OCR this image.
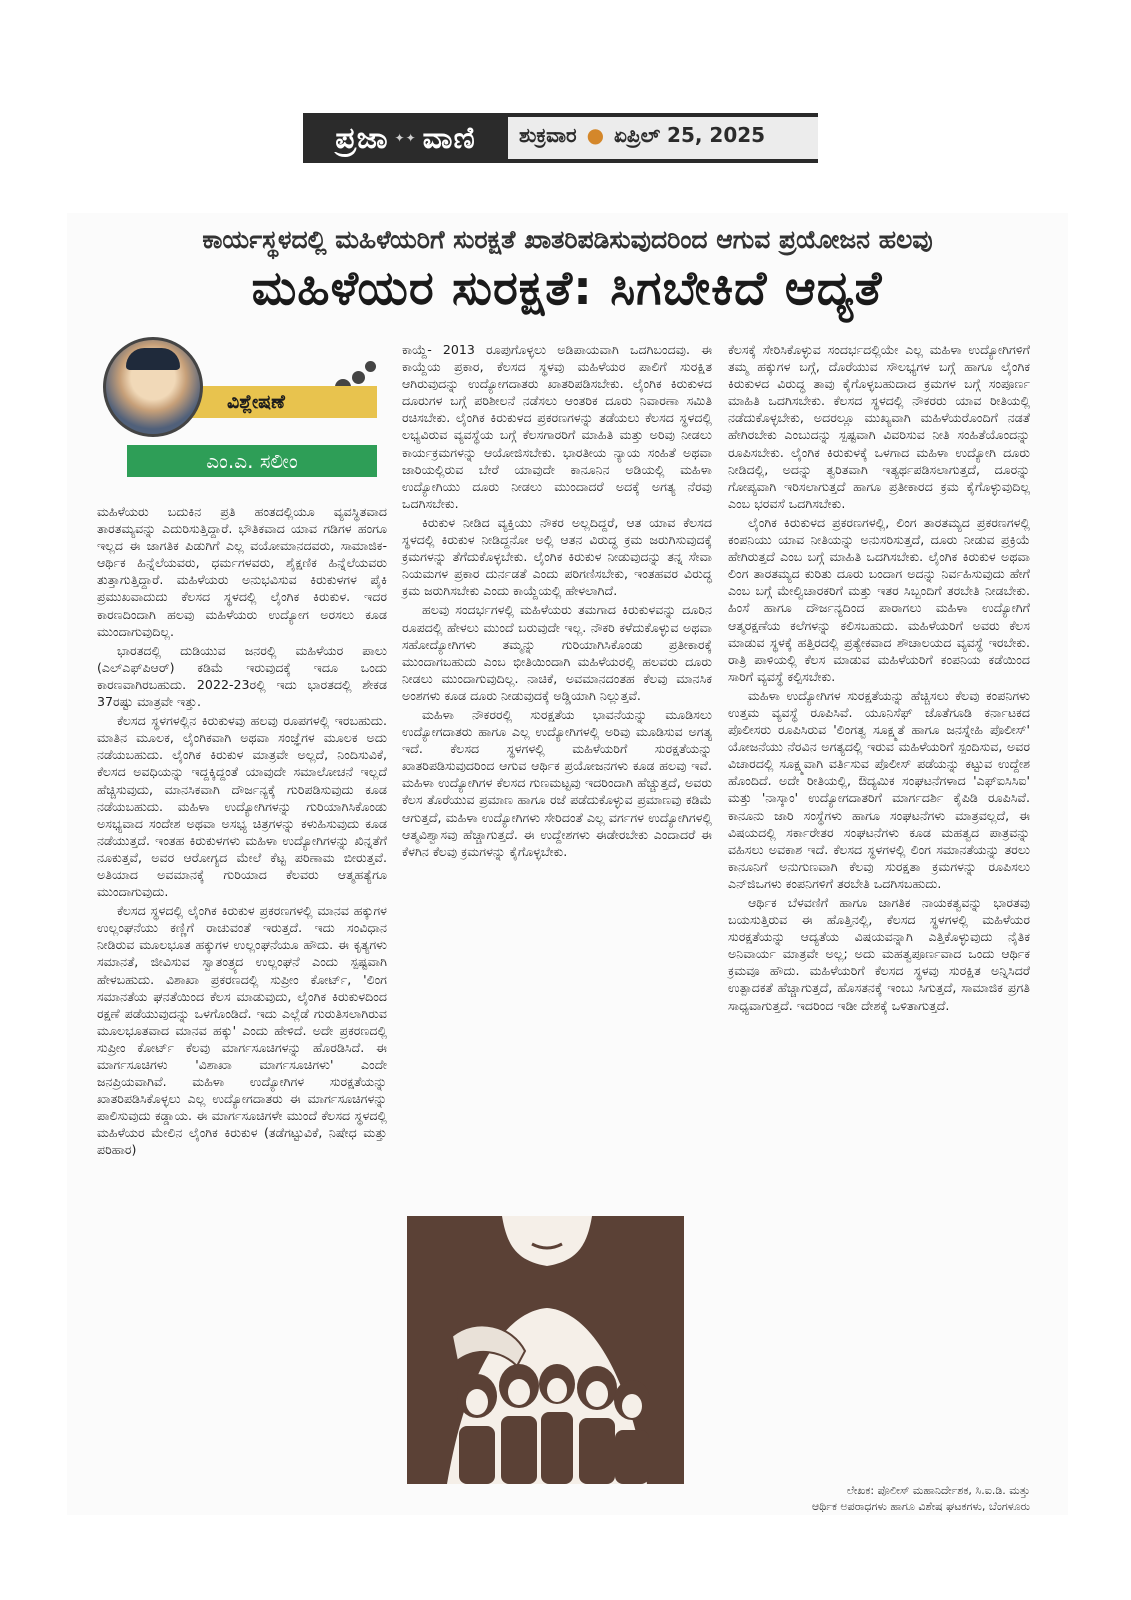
ಪ್ರಜಾ ✦✦ ವಾಣಿ ಶುಕ್ರವಾರ ● ಏಪ್ರಿಲ್ 25, 2025
ಕಾರ್ಯಸ್ಥಳದಲ್ಲಿ ಮಹಿಳೆಯರಿಗೆ ಸುರಕ್ಷತೆ ಖಾತರಿಪಡಿಸುವುದರಿಂದ ಆಗುವ ಪ್ರಯೋಜನ ಹಲವು
ಮಹಿಳೆಯರ ಸುರಕ್ಷತೆ: ಸಿಗಬೇಕಿದೆ ಆದ್ಯತೆ
ವಿಶ್ಲೇಷಣೆ
ಎಂ.ಎ. ಸಲೀಂ

ಮಹಿಳೆಯರು ಬದುಕಿನ ಪ್ರತಿ ಹಂತದಲ್ಲಿಯೂ ವ್ಯವಸ್ಥಿತವಾದ ತಾರತಮ್ಯವನ್ನು ಎದುರಿಸುತ್ತಿದ್ದಾರೆ. ಭೌತಿಕವಾದ ಯಾವ ಗಡಿಗಳ ಹಂಗೂ ಇಲ್ಲದ ಈ ಜಾಗತಿಕ ಪಿಡುಗಿಗೆ ಎಲ್ಲ ವಯೋಮಾನದವರು, ಸಾಮಾಜಿಕ-ಆರ್ಥಿಕ ಹಿನ್ನೆಲೆಯವರು, ಧರ್ಮಗಳವರು, ಶೈಕ್ಷಣಿಕ ಹಿನ್ನೆಲೆಯವರು ತುತ್ತಾಗುತ್ತಿದ್ದಾರೆ. ಮಹಿಳೆಯರು ಅನುಭವಿಸುವ ಕಿರುಕುಳಗಳ ಪೈಕಿ ಪ್ರಮುಖವಾದುದು ಕೆಲಸದ ಸ್ಥಳದಲ್ಲಿ ಲೈಂಗಿಕ ಕಿರುಕುಳ. ಇದರ ಕಾರಣದಿಂದಾಗಿ ಹಲವು ಮಹಿಳೆಯರು ಉದ್ಯೋಗ ಅರಸಲು ಕೂಡ ಮುಂದಾಗುವುದಿಲ್ಲ.

ಭಾರತದಲ್ಲಿ ದುಡಿಯುವ ಜನರಲ್ಲಿ ಮಹಿಳೆಯರ ಪಾಲು (ಎಲ್‌ಎಫ್‌ಪಿಆರ್) ಕಡಿಮೆ ಇರುವುದಕ್ಕೆ ಇದೂ ಒಂದು ಕಾರಣವಾಗಿರಬಹುದು. 2022-23ರಲ್ಲಿ ಇದು ಭಾರತದಲ್ಲಿ ಶೇಕಡ 37ರಷ್ಟು ಮಾತ್ರವೇ ಇತ್ತು.

ಕೆಲಸದ ಸ್ಥಳಗಳಲ್ಲಿನ ಕಿರುಕುಳವು ಹಲವು ರೂಪಗಳಲ್ಲಿ ಇರಬಹುದು. ಮಾತಿನ ಮೂಲಕ, ಲೈಂಗಿಕವಾಗಿ ಅಥವಾ ಸಂಜ್ಞೆಗಳ ಮೂಲಕ ಅದು ನಡೆಯಬಹುದು. ಲೈಂಗಿಕ ಕಿರುಕುಳ ಮಾತ್ರವೇ ಅಲ್ಲದೆ, ನಿಂದಿಸುವಿಕೆ, ಕೆಲಸದ ಅವಧಿಯನ್ನು ಇದ್ದಕ್ಕಿದ್ದಂತೆ ಯಾವುದೇ ಸಮಾಲೋಚನೆ ಇಲ್ಲದೆ ಹೆಚ್ಚಿಸುವುದು, ಮಾನಸಿಕವಾಗಿ ದೌರ್ಜನ್ಯಕ್ಕೆ ಗುರಿಪಡಿಸುವುದು ಕೂಡ ನಡೆಯಬಹುದು. ಮಹಿಳಾ ಉದ್ಯೋಗಿಗಳನ್ನು ಗುರಿಯಾಗಿಸಿಕೊಂಡು ಅಸಭ್ಯವಾದ ಸಂದೇಶ ಅಥವಾ ಅಸಭ್ಯ ಚಿತ್ರಗಳನ್ನು ಕಳುಹಿಸುವುದು ಕೂಡ ನಡೆಯುತ್ತದೆ. ಇಂತಹ ಕಿರುಕುಳಗಳು ಮಹಿಳಾ ಉದ್ಯೋಗಿಗಳನ್ನು ಖಿನ್ನತೆಗೆ ನೂಕುತ್ತವೆ, ಅವರ ಆರೋಗ್ಯದ ಮೇಲೆ ಕೆಟ್ಟ ಪರಿಣಾಮ ಬೀರುತ್ತವೆ. ಅತಿಯಾದ ಅವಮಾನಕ್ಕೆ ಗುರಿಯಾದ ಕೆಲವರು ಆತ್ಮಹತ್ಯೆಗೂ ಮುಂದಾಗುವುದು.

ಕೆಲಸದ ಸ್ಥಳದಲ್ಲಿ ಲೈಂಗಿಕ ಕಿರುಕುಳ ಪ್ರಕರಣಗಳಲ್ಲಿ ಮಾನವ ಹಕ್ಕುಗಳ ಉಲ್ಲಂಘನೆಯು ಕಣ್ಣಿಗೆ ರಾಚುವಂತೆ ಇರುತ್ತದೆ. ಇದು ಸಂವಿಧಾನ ನೀಡಿರುವ ಮೂಲಭೂತ ಹಕ್ಕುಗಳ ಉಲ್ಲಂಘನೆಯೂ ಹೌದು. ಈ ಕೃತ್ಯಗಳು ಸಮಾನತೆ, ಜೀವಿಸುವ ಸ್ವಾತಂತ್ರ್ಯದ ಉಲ್ಲಂಘನೆ ಎಂದು ಸ್ಪಷ್ಟವಾಗಿ ಹೇಳಬಹುದು. ವಿಶಾಖಾ ಪ್ರಕರಣದಲ್ಲಿ ಸುಪ್ರೀಂ ಕೋರ್ಟ್, 'ಲಿಂಗ ಸಮಾನತೆಯ ಘನತೆಯಿಂದ ಕೆಲಸ ಮಾಡುವುದು, ಲೈಂಗಿಕ ಕಿರುಕುಳದಿಂದ ರಕ್ಷಣೆ ಪಡೆಯುವುದನ್ನು ಒಳಗೊಂಡಿದೆ. ಇದು ಎಲ್ಲೆಡೆ ಗುರುತಿಸಲಾಗಿರುವ ಮೂಲಭೂತವಾದ ಮಾನವ ಹಕ್ಕು' ಎಂದು ಹೇಳಿದೆ. ಅದೇ ಪ್ರಕರಣದಲ್ಲಿ ಸುಪ್ರೀಂ ಕೋರ್ಟ್ ಕೆಲವು ಮಾರ್ಗಸೂಚಿಗಳನ್ನು ಹೊರಡಿಸಿದೆ. ಈ ಮಾರ್ಗಸೂಚಿಗಳು 'ವಿಶಾಖಾ ಮಾರ್ಗಸೂಚಿಗಳು' ಎಂದೇ ಜನಪ್ರಿಯವಾಗಿವೆ. ಮಹಿಳಾ ಉದ್ಯೋಗಿಗಳ ಸುರಕ್ಷತೆಯನ್ನು ಖಾತರಿಪಡಿಸಿಕೊಳ್ಳಲು ಎಲ್ಲ ಉದ್ಯೋಗದಾತರು ಈ ಮಾರ್ಗಸೂಚಿಗಳನ್ನು ಪಾಲಿಸುವುದು ಕಡ್ಡಾಯ. ಈ ಮಾರ್ಗಸೂಚಿಗಳೇ ಮುಂದೆ ಕೆಲಸದ ಸ್ಥಳದಲ್ಲಿ ಮಹಿಳೆಯರ ಮೇಲಿನ ಲೈಂಗಿಕ ಕಿರುಕುಳ (ತಡೆಗಟ್ಟುವಿಕೆ, ನಿಷೇಧ ಮತ್ತು ಪರಿಹಾರ)

ಕಾಯ್ದೆ- 2013 ರೂಪುಗೊಳ್ಳಲು ಅಡಿಪಾಯವಾಗಿ ಒದಗಿಬಂದವು. ಈ ಕಾಯ್ದೆಯ ಪ್ರಕಾರ, ಕೆಲಸದ ಸ್ಥಳವು ಮಹಿಳೆಯರ ಪಾಲಿಗೆ ಸುರಕ್ಷಿತ ಆಗಿರುವುದನ್ನು ಉದ್ಯೋಗದಾತರು ಖಾತರಿಪಡಿಸಬೇಕು. ಲೈಂಗಿಕ ಕಿರುಕುಳದ ದೂರುಗಳ ಬಗ್ಗೆ ಪರಿಶೀಲನೆ ನಡೆಸಲು ಆಂತರಿಕ ದೂರು ನಿವಾರಣಾ ಸಮಿತಿ ರಚಿಸಬೇಕು. ಲೈಂಗಿಕ ಕಿರುಕುಳದ ಪ್ರಕರಣಗಳನ್ನು ತಡೆಯಲು ಕೆಲಸದ ಸ್ಥಳದಲ್ಲಿ ಲಭ್ಯವಿರುವ ವ್ಯವಸ್ಥೆಯ ಬಗ್ಗೆ ಕೆಲಸಗಾರರಿಗೆ ಮಾಹಿತಿ ಮತ್ತು ಅರಿವು ನೀಡಲು ಕಾರ್ಯಕ್ರಮಗಳನ್ನು ಆಯೋಜಿಸಬೇಕು. ಭಾರತೀಯ ನ್ಯಾಯ ಸಂಹಿತೆ ಅಥವಾ ಜಾರಿಯಲ್ಲಿರುವ ಬೇರೆ ಯಾವುದೇ ಕಾನೂನಿನ ಅಡಿಯಲ್ಲಿ ಮಹಿಳಾ ಉದ್ಯೋಗಿಯು ದೂರು ನೀಡಲು ಮುಂದಾದರೆ ಅದಕ್ಕೆ ಅಗತ್ಯ ನೆರವು ಒದಗಿಸಬೇಕು.

ಕಿರುಕುಳ ನೀಡಿದ ವ್ಯಕ್ತಿಯು ನೌಕರ ಅಲ್ಲದಿದ್ದರೆ, ಆತ ಯಾವ ಕೆಲಸದ ಸ್ಥಳದಲ್ಲಿ ಕಿರುಕುಳ ನೀಡಿದ್ದನೋ ಅಲ್ಲಿ ಆತನ ವಿರುದ್ಧ ಕ್ರಮ ಜರುಗಿಸುವುದಕ್ಕೆ ಕ್ರಮಗಳನ್ನು ತೆಗೆದುಕೊಳ್ಳಬೇಕು. ಲೈಂಗಿಕ ಕಿರುಕುಳ ನೀಡುವುದನ್ನು ತನ್ನ ಸೇವಾ ನಿಯಮಗಳ ಪ್ರಕಾರ ದುರ್ನಡತೆ ಎಂದು ಪರಿಗಣಿಸಬೇಕು, ಇಂತಹವರ ವಿರುದ್ಧ ಕ್ರಮ ಜರುಗಿಸಬೇಕು ಎಂದು ಕಾಯ್ದೆಯಲ್ಲಿ ಹೇಳಲಾಗಿದೆ.

ಹಲವು ಸಂದರ್ಭಗಳಲ್ಲಿ ಮಹಿಳೆಯರು ತಮಗಾದ ಕಿರುಕುಳವನ್ನು ದೂರಿನ ರೂಪದಲ್ಲಿ ಹೇಳಲು ಮುಂದೆ ಬರುವುದೇ ಇಲ್ಲ. ನೌಕರಿ ಕಳೆದುಕೊಳ್ಳುವ ಅಥವಾ ಸಹೋದ್ಯೋಗಿಗಳು ತಮ್ಮನ್ನು ಗುರಿಯಾಗಿಸಿಕೊಂಡು ಪ್ರತೀಕಾರಕ್ಕೆ ಮುಂದಾಗಬಹುದು ಎಂಬ ಭೀತಿಯಿಂದಾಗಿ ಮಹಿಳೆಯರಲ್ಲಿ ಹಲವರು ದೂರು ನೀಡಲು ಮುಂದಾಗುವುದಿಲ್ಲ. ನಾಚಿಕೆ, ಅವಮಾನದಂತಹ ಕೆಲವು ಮಾನಸಿಕ ಅಂಶಗಳು ಕೂಡ ದೂರು ನೀಡುವುದಕ್ಕೆ ಅಡ್ಡಿಯಾಗಿ ನಿಲ್ಲುತ್ತವೆ.

ಮಹಿಳಾ ನೌಕರರಲ್ಲಿ ಸುರಕ್ಷತೆಯ ಭಾವನೆಯನ್ನು ಮೂಡಿಸಲು ಉದ್ಯೋಗದಾತರು ಹಾಗೂ ಎಲ್ಲ ಉದ್ಯೋಗಿಗಳಲ್ಲಿ ಅರಿವು ಮೂಡಿಸುವ ಅಗತ್ಯ ಇದೆ. ಕೆಲಸದ ಸ್ಥಳಗಳಲ್ಲಿ ಮಹಿಳೆಯರಿಗೆ ಸುರಕ್ಷತೆಯನ್ನು ಖಾತರಿಪಡಿಸುವುದರಿಂದ ಆಗುವ ಆರ್ಥಿಕ ಪ್ರಯೋಜನಗಳು ಕೂಡ ಹಲವು ಇವೆ. ಮಹಿಳಾ ಉದ್ಯೋಗಿಗಳ ಕೆಲಸದ ಗುಣಮಟ್ಟವು ಇದರಿಂದಾಗಿ ಹೆಚ್ಚುತ್ತದೆ, ಅವರು ಕೆಲಸ ತೊರೆಯುವ ಪ್ರಮಾಣ ಹಾಗೂ ರಜೆ ಪಡೆದುಕೊಳ್ಳುವ ಪ್ರಮಾಣವು ಕಡಿಮೆ ಆಗುತ್ತದೆ, ಮಹಿಳಾ ಉದ್ಯೋಗಿಗಳು ಸೇರಿದಂತೆ ಎಲ್ಲ ವರ್ಗಗಳ ಉದ್ಯೋಗಿಗಳಲ್ಲಿ ಆತ್ಮವಿಶ್ವಾಸವು ಹೆಚ್ಚಾಗುತ್ತದೆ. ಈ ಉದ್ದೇಶಗಳು ಈಡೇರಬೇಕು ಎಂದಾದರೆ ಈ ಕೆಳಗಿನ ಕೆಲವು ಕ್ರಮಗಳನ್ನು ಕೈಗೊಳ್ಳಬೇಕು.

ಕೆಲಸಕ್ಕೆ ಸೇರಿಸಿಕೊಳ್ಳುವ ಸಂದರ್ಭದಲ್ಲಿಯೇ ಎಲ್ಲ ಮಹಿಳಾ ಉದ್ಯೋಗಿಗಳಿಗೆ ತಮ್ಮ ಹಕ್ಕುಗಳ ಬಗ್ಗೆ, ದೊರೆಯುವ ಸೌಲಭ್ಯಗಳ ಬಗ್ಗೆ ಹಾಗೂ ಲೈಂಗಿಕ ಕಿರುಕುಳದ ವಿರುದ್ಧ ತಾವು ಕೈಗೊಳ್ಳಬಹುದಾದ ಕ್ರಮಗಳ ಬಗ್ಗೆ ಸಂಪೂರ್ಣ ಮಾಹಿತಿ ಒದಗಿಸಬೇಕು. ಕೆಲಸದ ಸ್ಥಳದಲ್ಲಿ ನೌಕರರು ಯಾವ ರೀತಿಯಲ್ಲಿ ನಡೆದುಕೊಳ್ಳಬೇಕು, ಅದರಲ್ಲೂ ಮುಖ್ಯವಾಗಿ ಮಹಿಳೆಯರೊಂದಿಗೆ ನಡತೆ ಹೇಗಿರಬೇಕು ಎಂಬುದನ್ನು ಸ್ಪಷ್ಟವಾಗಿ ವಿವರಿಸುವ ನೀತಿ ಸಂಹಿತೆಯೊಂದನ್ನು ರೂಪಿಸಬೇಕು. ಲೈಂಗಿಕ ಕಿರುಕುಳಕ್ಕೆ ಒಳಗಾದ ಮಹಿಳಾ ಉದ್ಯೋಗಿ ದೂರು ನೀಡಿದಲ್ಲಿ, ಅದನ್ನು ತ್ವರಿತವಾಗಿ ಇತ್ಯರ್ಥಪಡಿಸಲಾಗುತ್ತದೆ, ದೂರನ್ನು ಗೋಪ್ಯವಾಗಿ ಇರಿಸಲಾಗುತ್ತದೆ ಹಾಗೂ ಪ್ರತೀಕಾರದ ಕ್ರಮ ಕೈಗೊಳ್ಳುವುದಿಲ್ಲ ಎಂಬ ಭರವಸೆ ಒದಗಿಸಬೇಕು.

ಲೈಂಗಿಕ ಕಿರುಕುಳದ ಪ್ರಕರಣಗಳಲ್ಲಿ, ಲಿಂಗ ತಾರತಮ್ಯದ ಪ್ರಕರಣಗಳಲ್ಲಿ ಕಂಪನಿಯು ಯಾವ ನೀತಿಯನ್ನು ಅನುಸರಿಸುತ್ತದೆ, ದೂರು ನೀಡುವ ಪ್ರಕ್ರಿಯೆ ಹೇಗಿರುತ್ತದೆ ಎಂಬ ಬಗ್ಗೆ ಮಾಹಿತಿ ಒದಗಿಸಬೇಕು. ಲೈಂಗಿಕ ಕಿರುಕುಳ ಅಥವಾ ಲಿಂಗ ತಾರತಮ್ಯದ ಕುರಿತು ದೂರು ಬಂದಾಗ ಅದನ್ನು ನಿರ್ವಹಿಸುವುದು ಹೇಗೆ ಎಂಬ ಬಗ್ಗೆ ಮೇಲ್ವಿಚಾರಕರಿಗೆ ಮತ್ತು ಇತರ ಸಿಬ್ಬಂದಿಗೆ ತರಬೇತಿ ನೀಡಬೇಕು. ಹಿಂಸೆ ಹಾಗೂ ದೌರ್ಜನ್ಯದಿಂದ ಪಾರಾಗಲು ಮಹಿಳಾ ಉದ್ಯೋಗಿಗೆ ಆತ್ಮರಕ್ಷಣೆಯ ಕಲೆಗಳನ್ನು ಕಲಿಸಬಹುದು. ಮಹಿಳೆಯರಿಗೆ ಅವರು ಕೆಲಸ ಮಾಡುವ ಸ್ಥಳಕ್ಕೆ ಹತ್ತಿರದಲ್ಲಿ ಪ್ರತ್ಯೇಕವಾದ ಶೌಚಾಲಯದ ವ್ಯವಸ್ಥೆ ಇರಬೇಕು. ರಾತ್ರಿ ಪಾಳಿಯಲ್ಲಿ ಕೆಲಸ ಮಾಡುವ ಮಹಿಳೆಯರಿಗೆ ಕಂಪನಿಯ ಕಡೆಯಿಂದ ಸಾರಿಗೆ ವ್ಯವಸ್ಥೆ ಕಲ್ಪಿಸಬೇಕು.

ಮಹಿಳಾ ಉದ್ಯೋಗಿಗಳ ಸುರಕ್ಷತೆಯನ್ನು ಹೆಚ್ಚಿಸಲು ಕೆಲವು ಕಂಪನಿಗಳು ಉತ್ತಮ ವ್ಯವಸ್ಥೆ ರೂಪಿಸಿವೆ. ಯೂನಿಸೆಫ್ ಜೊತೆಗೂಡಿ ಕರ್ನಾಟಕದ ಪೊಲೀಸರು ರೂಪಿಸಿರುವ 'ಲಿಂಗತ್ವ ಸೂಕ್ಷ್ಮತೆ ಹಾಗೂ ಜನಸ್ನೇಹಿ ಪೊಲೀಸ್' ಯೋಜನೆಯು ನೆರವಿನ ಅಗತ್ಯದಲ್ಲಿ ಇರುವ ಮಹಿಳೆಯರಿಗೆ ಸ್ಪಂದಿಸುವ, ಅವರ ವಿಚಾರದಲ್ಲಿ ಸೂಕ್ಷ್ಮವಾಗಿ ವರ್ತಿಸುವ ಪೊಲೀಸ್ ಪಡೆಯನ್ನು ಕಟ್ಟುವ ಉದ್ದೇಶ ಹೊಂದಿದೆ. ಅದೇ ರೀತಿಯಲ್ಲಿ, ಔದ್ಯಮಿಕ ಸಂಘಟನೆಗಳಾದ 'ಎಫ್‌ಐಸಿಸಿಐ' ಮತ್ತು 'ನಾಸ್ಕಾಂ' ಉದ್ಯೋಗದಾತರಿಗೆ ಮಾರ್ಗದರ್ಶಿ ಕೈಪಿಡಿ ರೂಪಿಸಿವೆ. ಕಾನೂನು ಜಾರಿ ಸಂಸ್ಥೆಗಳು ಹಾಗೂ ಸಂಘಟನೆಗಳು ಮಾತ್ರವಲ್ಲದೆ, ಈ ವಿಷಯದಲ್ಲಿ ಸರ್ಕಾರೇತರ ಸಂಘಟನೆಗಳು ಕೂಡ ಮಹತ್ವದ ಪಾತ್ರವನ್ನು ವಹಿಸಲು ಅವಕಾಶ ಇದೆ. ಕೆಲಸದ ಸ್ಥಳಗಳಲ್ಲಿ ಲಿಂಗ ಸಮಾನತೆಯನ್ನು ತರಲು ಕಾನೂನಿಗೆ ಅನುಗುಣವಾಗಿ ಕೆಲವು ಸುರಕ್ಷತಾ ಕ್ರಮಗಳನ್ನು ರೂಪಿಸಲು ಎನ್‌ಜಿಒಗಳು ಕಂಪನಿಗಳಿಗೆ ತರಬೇತಿ ಒದಗಿಸಬಹುದು.

ಆರ್ಥಿಕ ಬೆಳವಣಿಗೆ ಹಾಗೂ ಜಾಗತಿಕ ನಾಯಕತ್ವವನ್ನು ಭಾರತವು ಬಯಸುತ್ತಿರುವ ಈ ಹೊತ್ತಿನಲ್ಲಿ, ಕೆಲಸದ ಸ್ಥಳಗಳಲ್ಲಿ ಮಹಿಳೆಯರ ಸುರಕ್ಷತೆಯನ್ನು ಆದ್ಯತೆಯ ವಿಷಯವನ್ನಾಗಿ ಎತ್ತಿಕೊಳ್ಳುವುದು ನೈತಿಕ ಅನಿವಾರ್ಯ ಮಾತ್ರವೇ ಅಲ್ಲ; ಅದು ಮಹತ್ವಪೂರ್ಣವಾದ ಒಂದು ಆರ್ಥಿಕ ಕ್ರಮವೂ ಹೌದು. ಮಹಿಳೆಯರಿಗೆ ಕೆಲಸದ ಸ್ಥಳವು ಸುರಕ್ಷಿತ ಅನ್ನಿಸಿದರೆ ಉತ್ಪಾದಕತೆ ಹೆಚ್ಚಾಗುತ್ತದೆ, ಹೊಸತನಕ್ಕೆ ಇಂಬು ಸಿಗುತ್ತದೆ, ಸಾಮಾಜಿಕ ಪ್ರಗತಿ ಸಾಧ್ಯವಾಗುತ್ತದೆ. ಇದರಿಂದ ಇಡೀ ದೇಶಕ್ಕೆ ಒಳಿತಾಗುತ್ತದೆ.

ಲೇಖಕ: ಪೊಲೀಸ್ ಮಹಾನಿರ್ದೇಶಕ, ಸಿ.ಐ.ಡಿ. ಮತ್ತು
ಆರ್ಥಿಕ ಅಪರಾಧಗಳು ಹಾಗೂ ವಿಶೇಷ ಘಟಕಗಳು, ಬೆಂಗಳೂರು
